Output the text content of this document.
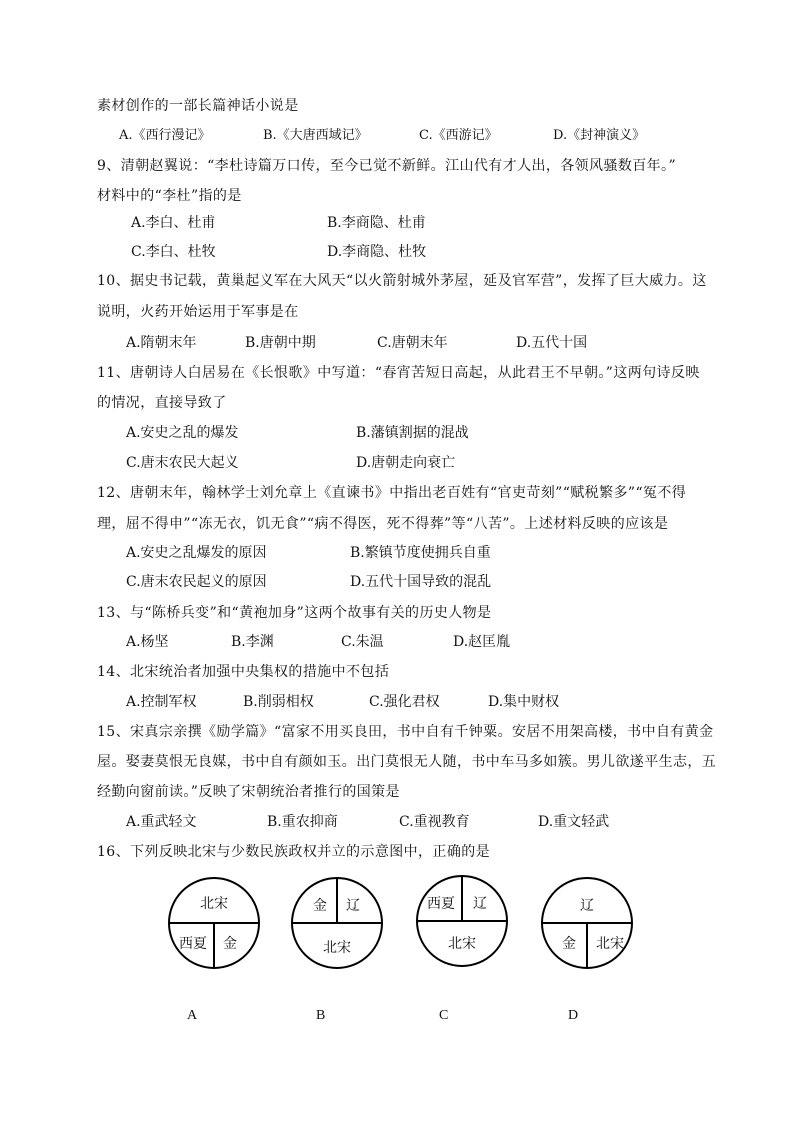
素材创作的一部长篇神话小说是
A.《西行漫记》	B.《大唐西域记》	C.《西游记》	D.《封神演义》
9、清朝赵翼说：“李杜诗篇万口传，至今已觉不新鲜。江山代有才人出，各领风骚数百年。”
材料中的“李杜”指的是
A.李白、杜甫	B.李商隐、杜甫
C.李白、杜牧	D.李商隐、杜牧
10、据史书记载，黄巢起义军在大风天“以火箭射城外茅屋，延及官军营”，发挥了巨大威力。这
说明，火药开始运用于军事是在
A.隋朝末年	B.唐朝中期	C.唐朝末年	D.五代十国
11、唐朝诗人白居易在《长恨歌》中写道：“春宵苦短日高起，从此君王不早朝。”这两句诗反映
的情况，直接导致了
A.安史之乱的爆发	B.藩镇割据的混战
C.唐末农民大起义	D.唐朝走向衰亡
12、唐朝末年，翰林学士刘允章上《直谏书》中指出老百姓有“官吏苛刻”“赋税繁多”“冤不得
理，屈不得申”“冻无衣，饥无食”“病不得医，死不得葬”等“八苦”。上述材料反映的应该是
A.安史之乱爆发的原因	B.繁镇节度使拥兵自重
C.唐末农民起义的原因	D.五代十国导致的混乱
13、与“陈桥兵变”和“黄袍加身”这两个故事有关的历史人物是
A.杨坚	B.李渊	C.朱温	D.赵匡胤
14、北宋统治者加强中央集权的措施中不包括
A.控制军权	B.削弱相权	C.强化君权	D.集中财权
15、宋真宗亲撰《励学篇》“富家不用买良田，书中自有千钟粟。安居不用架高楼，书中自有黄金
屋。娶妻莫恨无良媒，书中自有颜如玉。出门莫恨无人随，书中车马多如簇。男儿欲遂平生志，五
经勤向窗前读。”反映了宋朝统治者推行的国策是
A.重武轻文	B.重农抑商	C.重视教育	D.重文轻武
16、下列反映北宋与少数民族政权并立的示意图中，正确的是
北宋
西夏 金
金 辽
北宋
西夏 辽
北宋
辽
金 北宋
A	B	C	D
